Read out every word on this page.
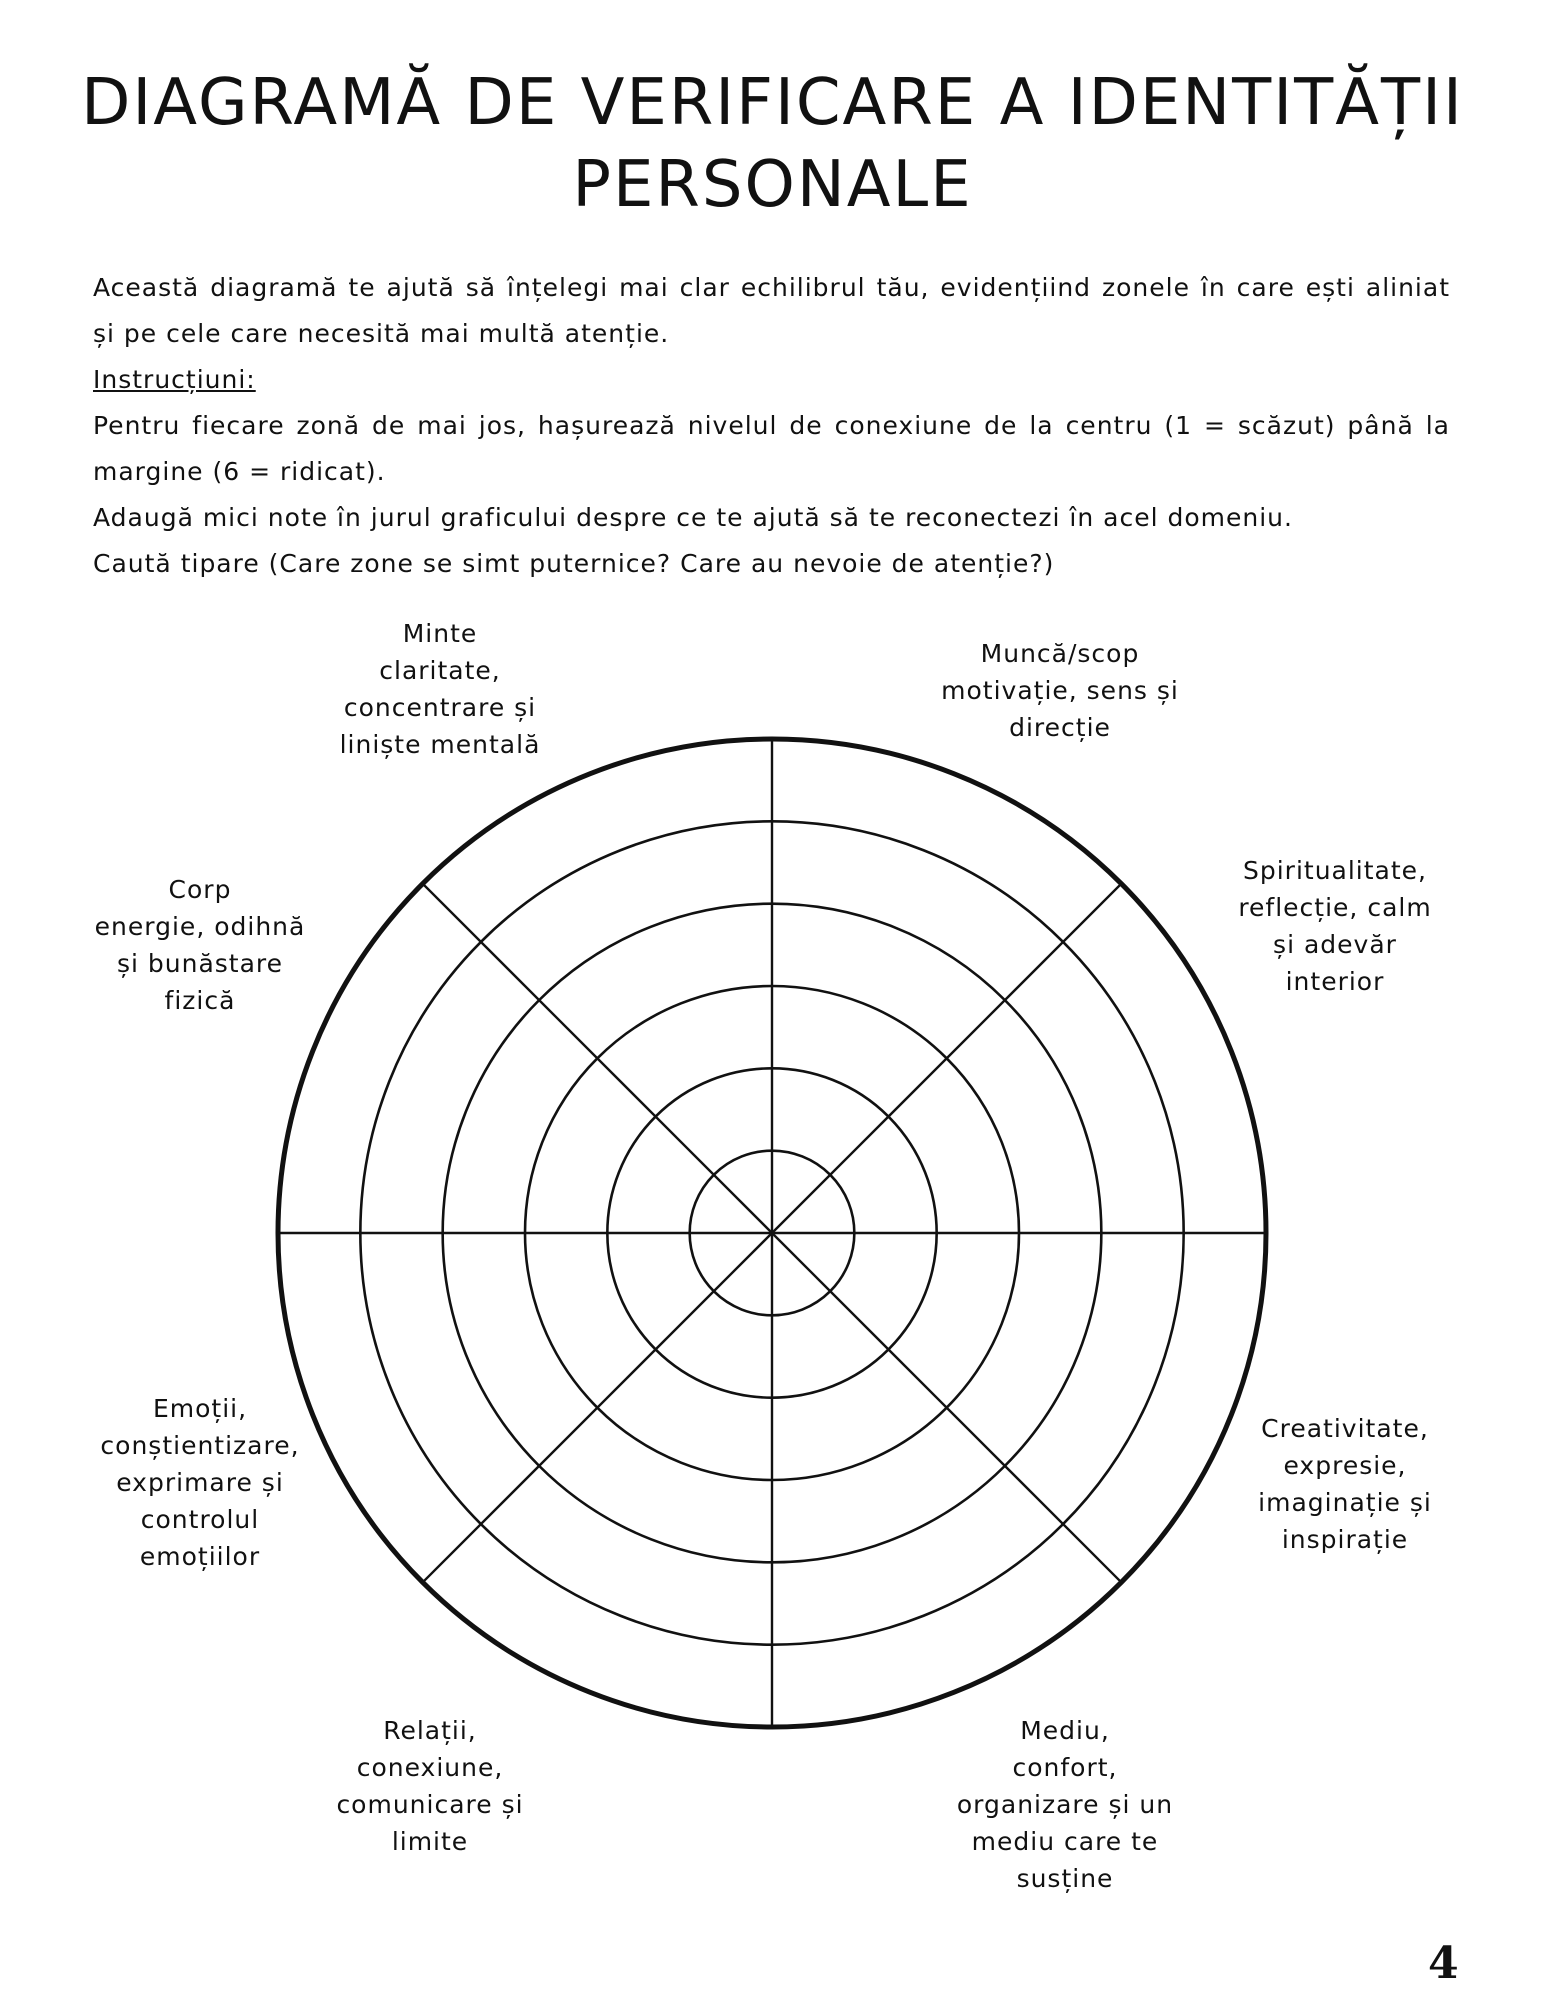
DIAGRAMĂ DE VERIFICARE A IDENTITĂȚII
PERSONALE

Această diagramă te ajută să înțelegi mai clar echilibrul tău, evidențiind zonele în care ești aliniat și pe cele care necesită mai multă atenție.

Instrucțiuni:

Pentru fiecare zonă de mai jos, hașurează nivelul de conexiune de la centru (1 = scăzut) până la margine (6 = ridicat).

Adaugă mici note în jurul graficului despre ce te ajută să te reconectezi în acel domeniu.

Caută tipare (Care zone se simt puternice? Care au nevoie de atenție?)

Minte
claritate,
concentrare și
liniște mentală
Muncă/scop
motivație, sens și
direcție
Spiritualitate,
reflecție, calm
și adevăr
interior
Creativitate,
expresie,
imaginație și
inspirație
Mediu,
confort,
organizare și un
mediu care te
susține
Relații,
conexiune,
comunicare și
limite
Emoții,
conștientizare,
exprimare și
controlul
emoțiilor
Corp
energie, odihnă
și bunăstare
fizică
4
